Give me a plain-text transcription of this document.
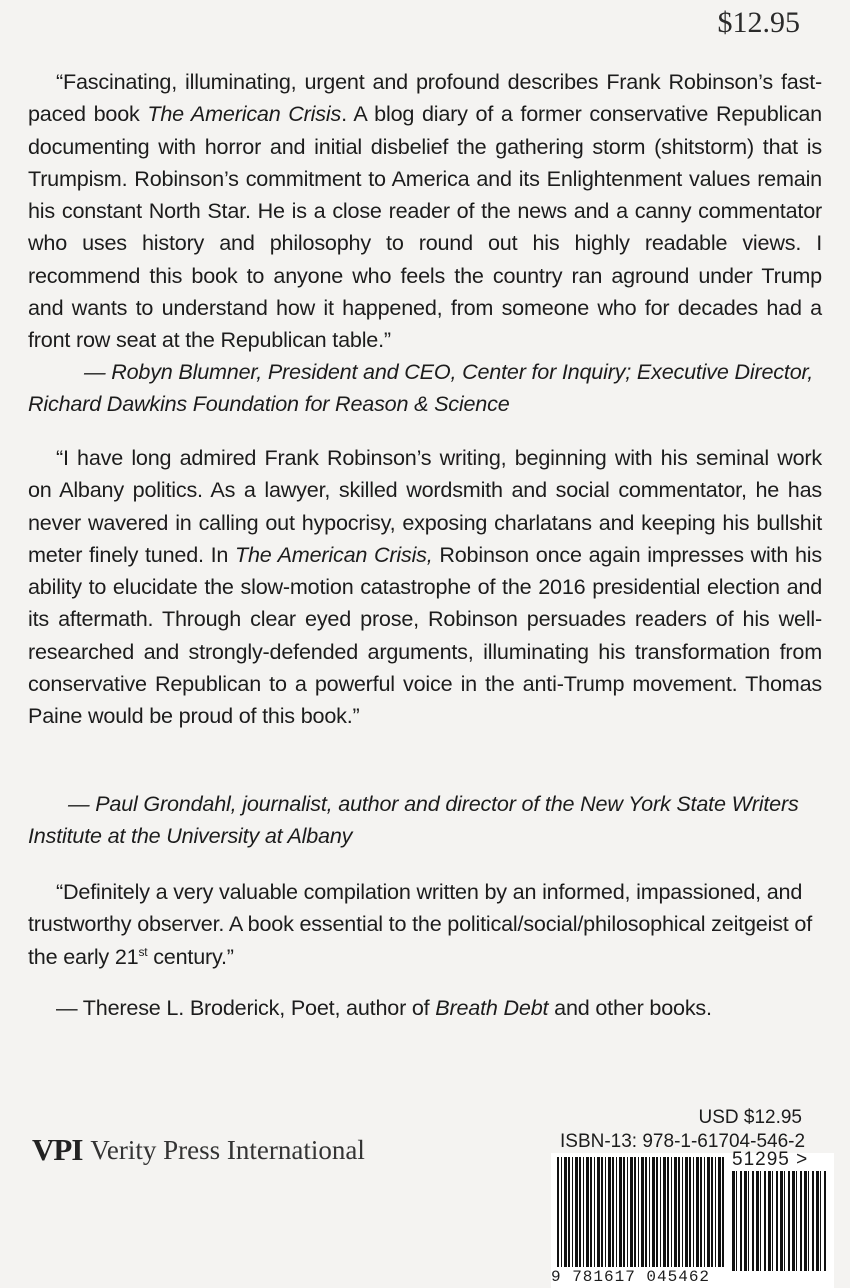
$12.95

“Fascinating, illuminating, urgent and profound describes Frank Robinson’s fast-paced book The American Crisis. A blog diary of a former conservative Republican documenting with horror and initial disbelief the gathering storm (shitstorm) that is Trumpism. Robinson’s commitment to America and its Enlightenment values remain his constant North Star. He is a close reader of the news and a canny commentator who uses history and philosophy to round out his highly readable views. I recommend this book to anyone who feels the country ran aground under Trump and wants to understand how it happened, from someone who for decades had a front row seat at the Republican table.”

— Robyn Blumner, President and CEO, Center for Inquiry; Executive Director, Richard Dawkins Foundation for Reason & Science

“I have long admired Frank Robinson’s writing, beginning with his seminal work on Albany politics. As a lawyer, skilled wordsmith and social commentator, he has never wavered in calling out hypocrisy, exposing charlatans and keeping his bullshit meter finely tuned. In The American Crisis, Robinson once again impresses with his ability to elucidate the slow-motion catastrophe of the 2016 presidential election and its aftermath. Through clear eyed prose, Robinson persuades readers of his well-researched and strongly-defended arguments, illuminating his transformation from conservative Republican to a powerful voice in the anti-Trump movement. Thomas Paine would be proud of this book.”

— Paul Grondahl, journalist, author and director of the New York State Writers Institute at the University at Albany

“Definitely a very valuable compilation written by an informed, impassioned, and trustworthy observer. A book essential to the political/social/philosophical zeitgeist of the early 21st century.”

— Therese L. Broderick, Poet, author of Breath Debt and other books.

VPI Verity Press International
USD $12.95
ISBN-13: 978-1-61704-546-2
51295 >
9 781617 045462
